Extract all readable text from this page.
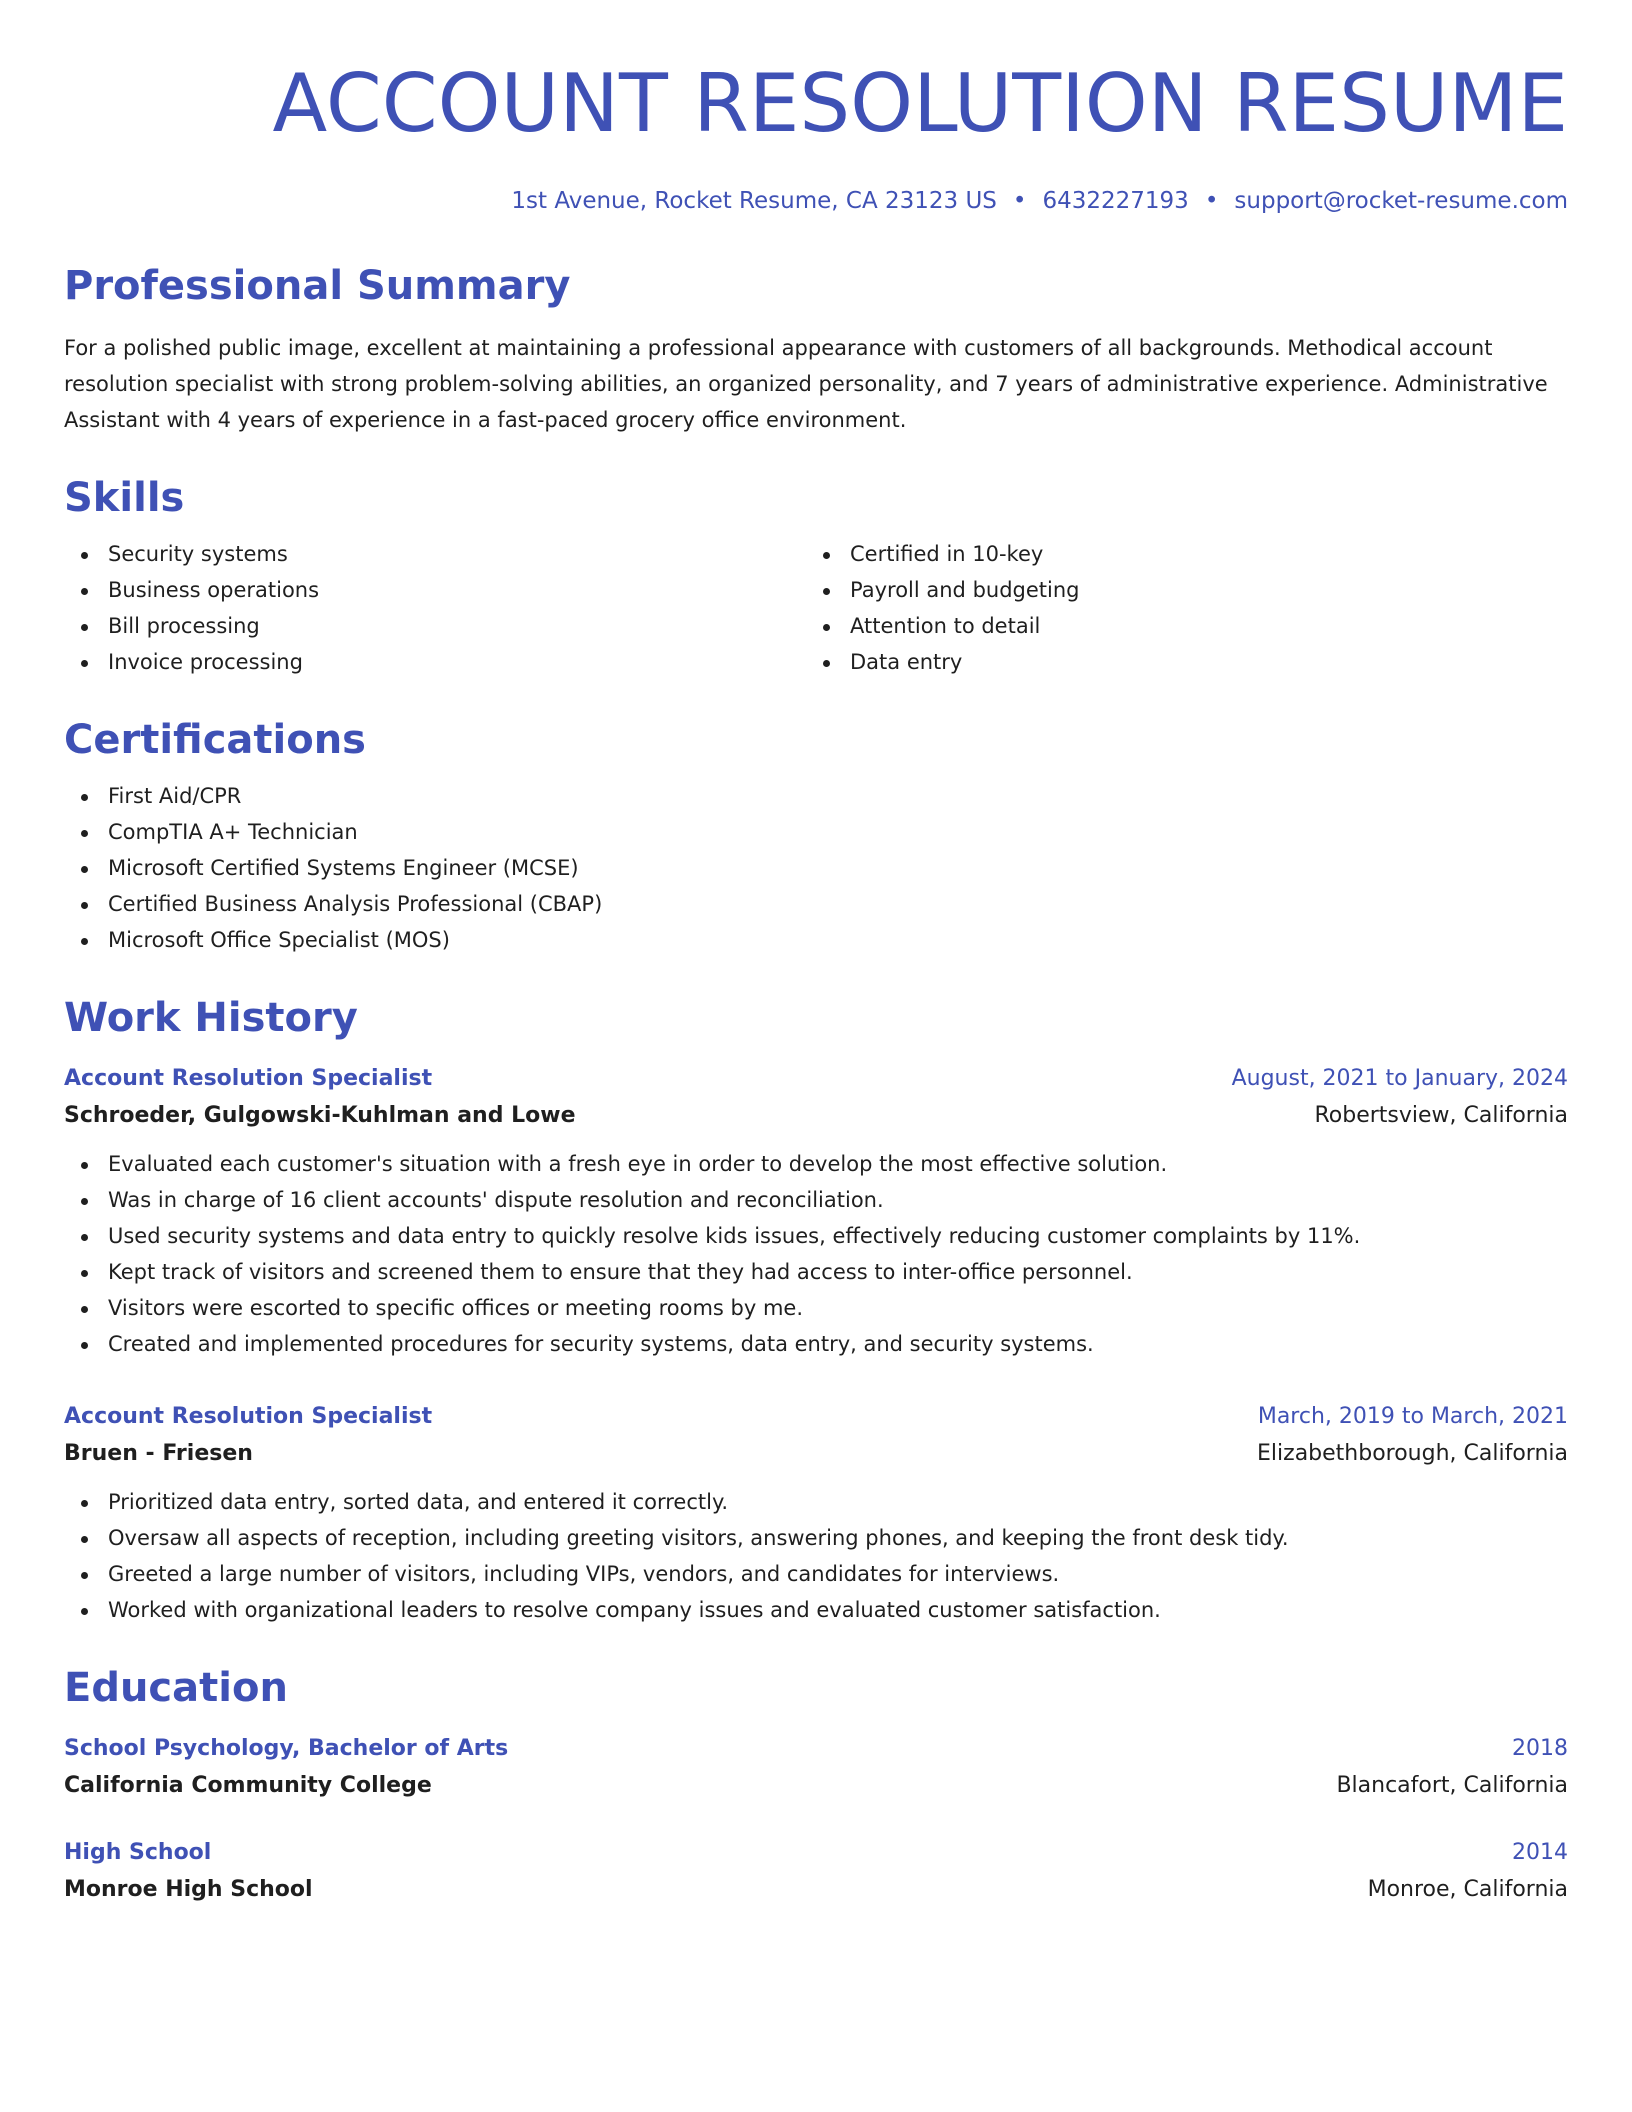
ACCOUNT RESOLUTION RESUME
1st Avenue, Rocket Resume, CA 23123 US • 6432227193 • support@rocket-resume.com
Professional Summary
For a polished public image, excellent at maintaining a professional appearance with customers of all backgrounds. Methodical account resolution specialist with strong problem-solving abilities, an organized personality, and 7 years of administrative experience. Administrative Assistant with 4 years of experience in a fast-paced grocery office environment.
Skills
Security systems
Business operations
Bill processing
Invoice processing
Certified in 10-key
Payroll and budgeting
Attention to detail
Data entry
Certifications
First Aid/CPR
CompTIA A+ Technician
Microsoft Certified Systems Engineer (MCSE)
Certified Business Analysis Professional (CBAP)
Microsoft Office Specialist (MOS)
Work History
Account Resolution Specialist	August, 2021 to January, 2024
Schroeder, Gulgowski-Kuhlman and Lowe	Robertsview, California
Evaluated each customer's situation with a fresh eye in order to develop the most effective solution.
Was in charge of 16 client accounts' dispute resolution and reconciliation.
Used security systems and data entry to quickly resolve kids issues, effectively reducing customer complaints by 11%.
Kept track of visitors and screened them to ensure that they had access to inter-office personnel.
Visitors were escorted to specific offices or meeting rooms by me.
Created and implemented procedures for security systems, data entry, and security systems.
Account Resolution Specialist	March, 2019 to March, 2021
Bruen - Friesen	Elizabethborough, California
Prioritized data entry, sorted data, and entered it correctly.
Oversaw all aspects of reception, including greeting visitors, answering phones, and keeping the front desk tidy.
Greeted a large number of visitors, including VIPs, vendors, and candidates for interviews.
Worked with organizational leaders to resolve company issues and evaluated customer satisfaction.
Education
School Psychology, Bachelor of Arts	2018
California Community College	Blancafort, California
High School	2014
Monroe High School	Monroe, California
